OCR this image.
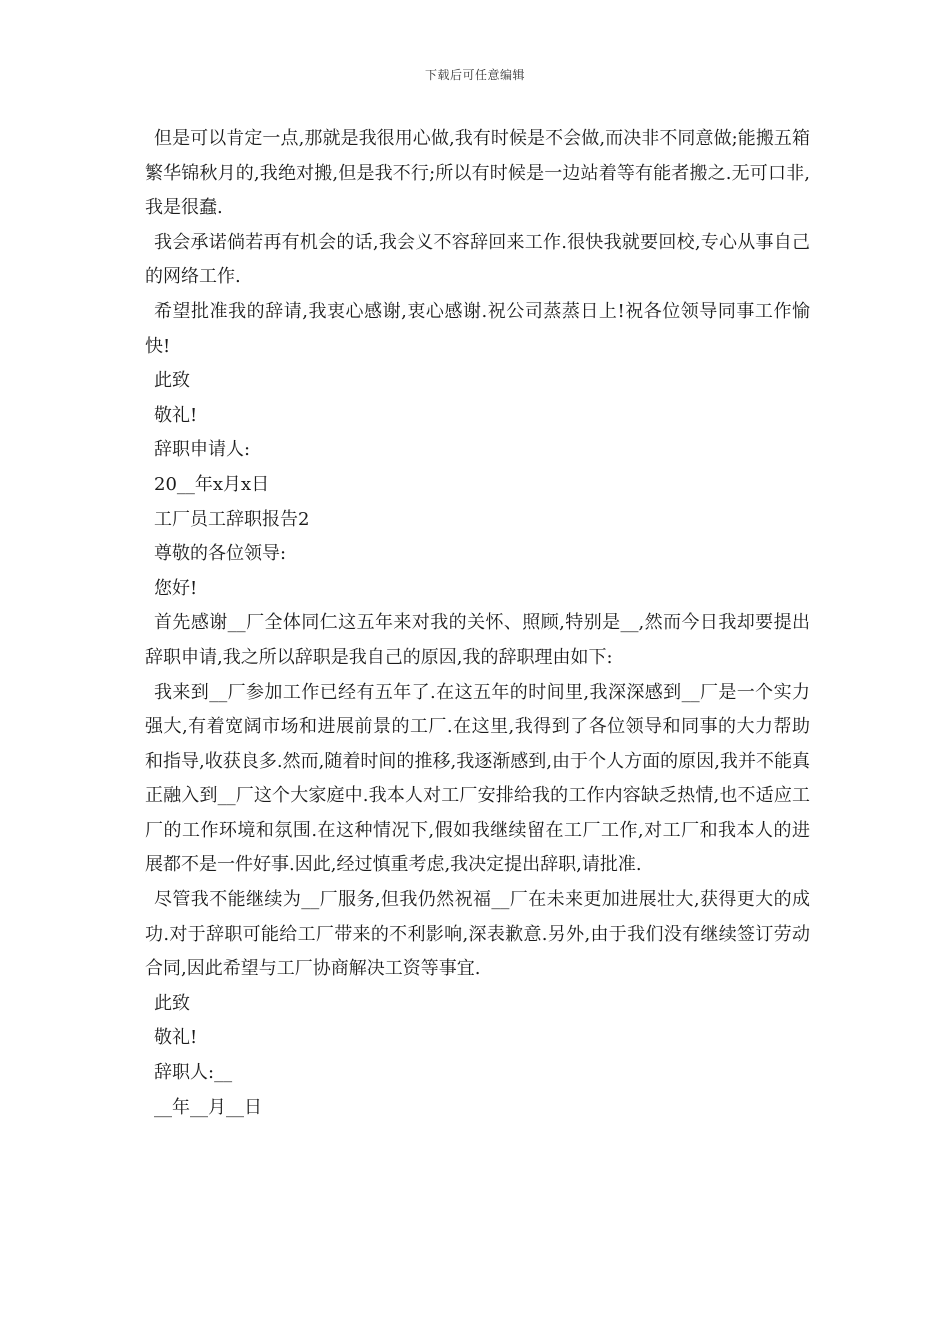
下载后可任意编辑

但是可以肯定一点,那就是我很用心做,我有时候是不会做,而决非不同意做;能搬五箱繁华锦秋月的,我绝对搬,但是我不行;所以有时候是一边站着等有能者搬之.无可口非,我是很蠢.

我会承诺倘若再有机会的话,我会义不容辞回来工作.很快我就要回校,专心从事自己的网络工作.

希望批准我的辞请,我衷心感谢,衷心感谢.祝公司蒸蒸日上!祝各位领导同事工作愉快!

此致

敬礼!

辞职申请人:

20__年x月x日

工厂员工辞职报告2

尊敬的各位领导:

您好!

首先感谢__厂全体同仁这五年来对我的关怀、照顾,特别是__,然而今日我却要提出辞职申请,我之所以辞职是我自己的原因,我的辞职理由如下:

我来到__厂参加工作已经有五年了.在这五年的时间里,我深深感到__厂是一个实力强大,有着宽阔市场和进展前景的工厂.在这里,我得到了各位领导和同事的大力帮助和指导,收获良多.然而,随着时间的推移,我逐渐感到,由于个人方面的原因,我并不能真正融入到__厂这个大家庭中.我本人对工厂安排给我的工作内容缺乏热情,也不适应工厂的工作环境和氛围.在这种情况下,假如我继续留在工厂工作,对工厂和我本人的进展都不是一件好事.因此,经过慎重考虑,我决定提出辞职,请批准.

尽管我不能继续为__厂服务,但我仍然祝福__厂在未来更加进展壮大,获得更大的成功.对于辞职可能给工厂带来的不利影响,深表歉意.另外,由于我们没有继续签订劳动合同,因此希望与工厂协商解决工资等事宜.

此致

敬礼!

辞职人:__

__年__月__日
